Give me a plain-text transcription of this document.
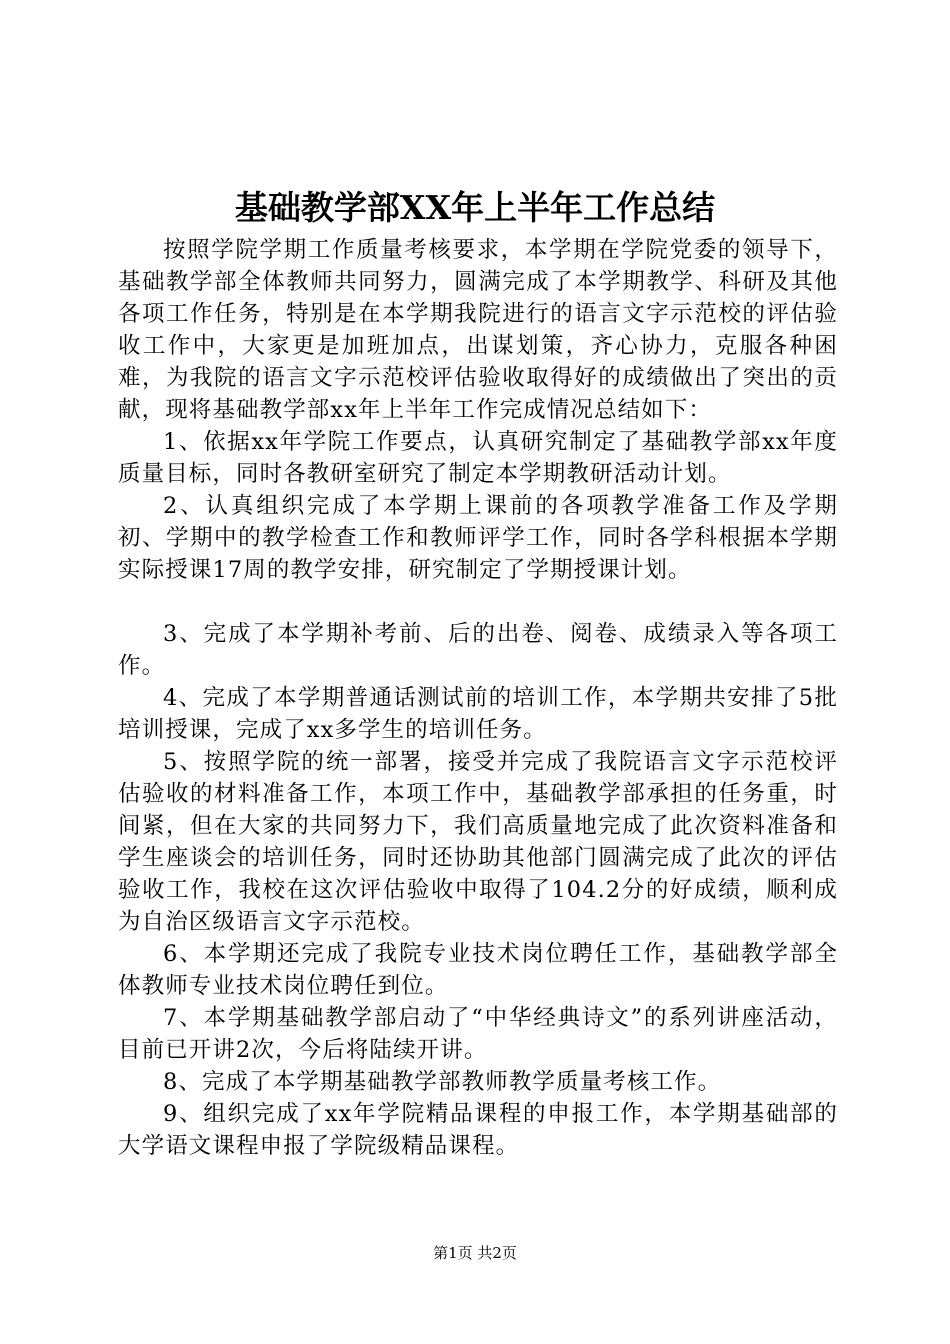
基础教学部XX年上半年工作总结

按照学院学期工作质量考核要求，本学期在学院党委的领导下，基础教学部全体教师共同努力，圆满完成了本学期教学、科研及其他各项工作任务，特别是在本学期我院进行的语言文字示范校的评估验收工作中，大家更是加班加点，出谋划策，齐心协力，克服各种困难，为我院的语言文字示范校评估验收取得好的成绩做出了突出的贡献，现将基础教学部xx年上半年工作完成情况总结如下：

1、依据xx年学院工作要点，认真研究制定了基础教学部xx年度质量目标，同时各教研室研究了制定本学期教研活动计划。

2、认真组织完成了本学期上课前的各项教学准备工作及学期初、学期中的教学检查工作和教师评学工作，同时各学科根据本学期实际授课17周的教学安排，研究制定了学期授课计划。

3、完成了本学期补考前、后的出卷、阅卷、成绩录入等各项工作。

4、完成了本学期普通话测试前的培训工作，本学期共安排了5批培训授课，完成了xx多学生的培训任务。

5、按照学院的统一部署，接受并完成了我院语言文字示范校评估验收的材料准备工作，本项工作中，基础教学部承担的任务重，时间紧，但在大家的共同努力下，我们高质量地完成了此次资料准备和学生座谈会的培训任务，同时还协助其他部门圆满完成了此次的评估验收工作，我校在这次评估验收中取得了104.2分的好成绩，顺利成为自治区级语言文字示范校。

6、本学期还完成了我院专业技术岗位聘任工作，基础教学部全体教师专业技术岗位聘任到位。

7、本学期基础教学部启动了“中华经典诗文”的系列讲座活动，目前已开讲2次，今后将陆续开讲。

8、完成了本学期基础教学部教师教学质量考核工作。

9、组织完成了xx年学院精品课程的申报工作，本学期基础部的大学语文课程申报了学院级精品课程。

第1页 共2页
